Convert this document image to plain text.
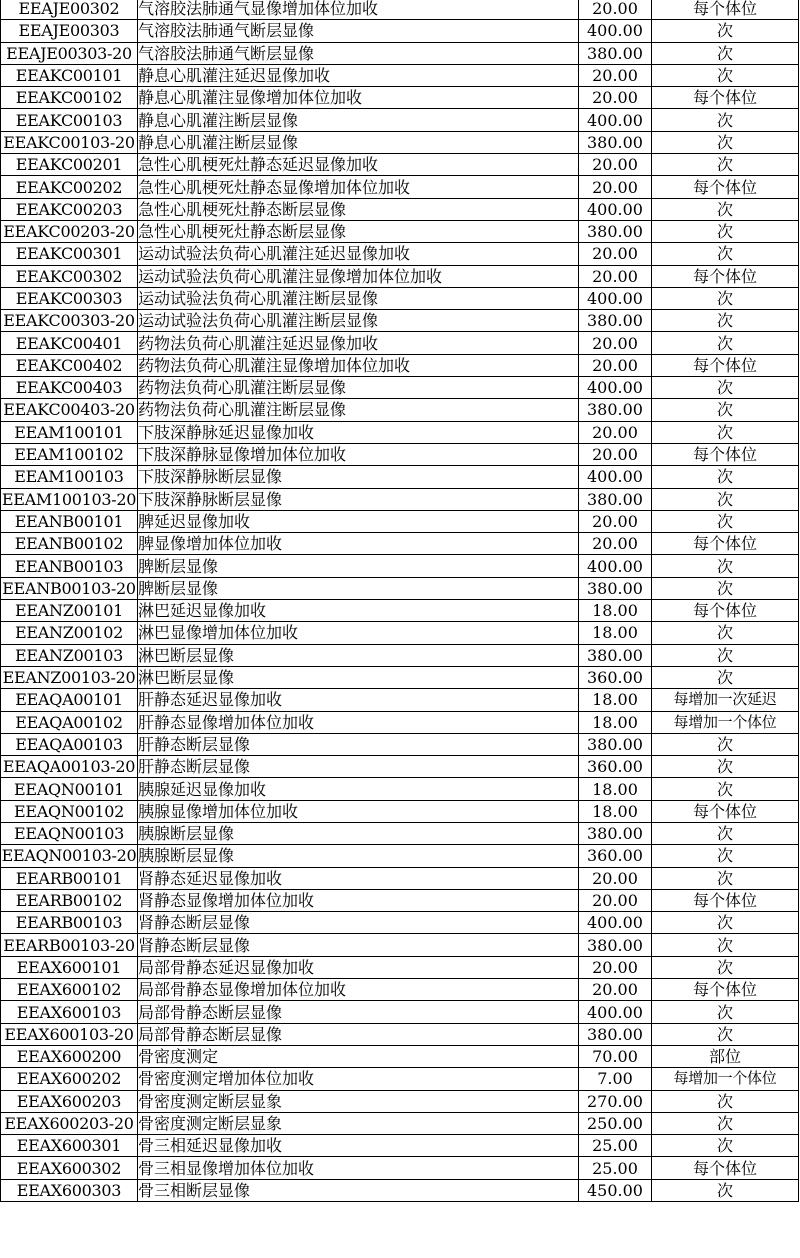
EEAJE00302	气溶胶法肺通气显像增加体位加收	20.00	每个体位
EEAJE00303	气溶胶法肺通气断层显像	400.00	次
EEAJE00303-20	气溶胶法肺通气断层显像	380.00	次
EEAKC00101	静息心肌灌注延迟显像加收	20.00	次
EEAKC00102	静息心肌灌注显像增加体位加收	20.00	每个体位
EEAKC00103	静息心肌灌注断层显像	400.00	次
EEAKC00103-20	静息心肌灌注断层显像	380.00	次
EEAKC00201	急性心肌梗死灶静态延迟显像加收	20.00	次
EEAKC00202	急性心肌梗死灶静态显像增加体位加收	20.00	每个体位
EEAKC00203	急性心肌梗死灶静态断层显像	400.00	次
EEAKC00203-20	急性心肌梗死灶静态断层显像	380.00	次
EEAKC00301	运动试验法负荷心肌灌注延迟显像加收	20.00	次
EEAKC00302	运动试验法负荷心肌灌注显像增加体位加收	20.00	每个体位
EEAKC00303	运动试验法负荷心肌灌注断层显像	400.00	次
EEAKC00303-20	运动试验法负荷心肌灌注断层显像	380.00	次
EEAKC00401	药物法负荷心肌灌注延迟显像加收	20.00	次
EEAKC00402	药物法负荷心肌灌注显像增加体位加收	20.00	每个体位
EEAKC00403	药物法负荷心肌灌注断层显像	400.00	次
EEAKC00403-20	药物法负荷心肌灌注断层显像	380.00	次
EEAM100101	下肢深静脉延迟显像加收	20.00	次
EEAM100102	下肢深静脉显像增加体位加收	20.00	每个体位
EEAM100103	下肢深静脉断层显像	400.00	次
EEAM100103-20	下肢深静脉断层显像	380.00	次
EEANB00101	脾延迟显像加收	20.00	次
EEANB00102	脾显像增加体位加收	20.00	每个体位
EEANB00103	脾断层显像	400.00	次
EEANB00103-20	脾断层显像	380.00	次
EEANZ00101	淋巴延迟显像加收	18.00	每个体位
EEANZ00102	淋巴显像增加体位加收	18.00	次
EEANZ00103	淋巴断层显像	380.00	次
EEANZ00103-20	淋巴断层显像	360.00	次
EEAQA00101	肝静态延迟显像加收	18.00	每增加一次延迟
EEAQA00102	肝静态显像增加体位加收	18.00	每增加一个体位
EEAQA00103	肝静态断层显像	380.00	次
EEAQA00103-20	肝静态断层显像	360.00	次
EEAQN00101	胰腺延迟显像加收	18.00	次
EEAQN00102	胰腺显像增加体位加收	18.00	每个体位
EEAQN00103	胰腺断层显像	380.00	次
EEAQN00103-20	胰腺断层显像	360.00	次
EEARB00101	肾静态延迟显像加收	20.00	次
EEARB00102	肾静态显像增加体位加收	20.00	每个体位
EEARB00103	肾静态断层显像	400.00	次
EEARB00103-20	肾静态断层显像	380.00	次
EEAX600101	局部骨静态延迟显像加收	20.00	次
EEAX600102	局部骨静态显像增加体位加收	20.00	每个体位
EEAX600103	局部骨静态断层显像	400.00	次
EEAX600103-20	局部骨静态断层显像	380.00	次
EEAX600200	骨密度测定	70.00	部位
EEAX600202	骨密度测定增加体位加收	7.00	每增加一个体位
EEAX600203	骨密度测定断层显象	270.00	次
EEAX600203-20	骨密度测定断层显象	250.00	次
EEAX600301	骨三相延迟显像加收	25.00	次
EEAX600302	骨三相显像增加体位加收	25.00	每个体位
EEAX600303	骨三相断层显像	450.00	次
